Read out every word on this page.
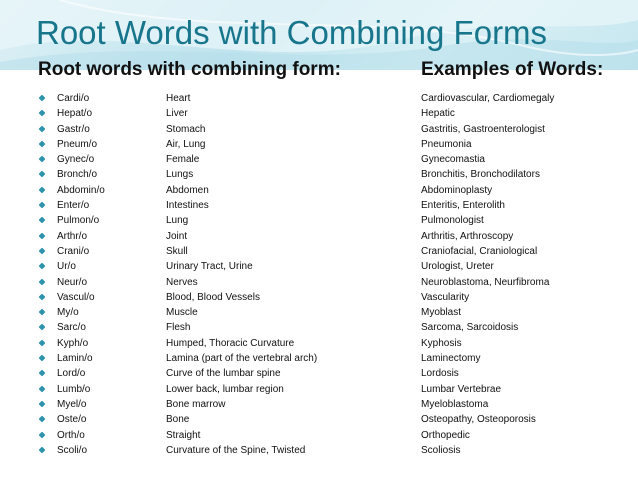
Root Words with Combining Forms
Root words with combining form:	Examples of Words:
Cardi/o	Heart	Cardiovascular, Cardiomegaly
Hepat/o	Liver	Hepatic
Gastr/o	Stomach	Gastritis, Gastroenterologist
Pneum/o	Air, Lung	Pneumonia
Gynec/o	Female	Gynecomastia
Bronch/o	Lungs	Bronchitis, Bronchodilators
Abdomin/o	Abdomen	Abdominoplasty
Enter/o	Intestines	Enteritis, Enterolith
Pulmon/o	Lung	Pulmonologist
Arthr/o	Joint	Arthritis, Arthroscopy
Crani/o	Skull	Craniofacial, Craniological
Ur/o	Urinary Tract, Urine	Urologist, Ureter
Neur/o	Nerves	Neuroblastoma, Neurfibroma
Vascul/o	Blood, Blood Vessels	Vascularity
My/o	Muscle	Myoblast
Sarc/o	Flesh	Sarcoma, Sarcoidosis
Kyph/o	Humped, Thoracic Curvature	Kyphosis
Lamin/o	Lamina (part of the vertebral arch)	Laminectomy
Lord/o	Curve of the lumbar spine	Lordosis
Lumb/o	Lower back, lumbar region	Lumbar Vertebrae
Myel/o	Bone marrow	Myeloblastoma
Oste/o	Bone	Osteopathy, Osteoporosis
Orth/o	Straight	Orthopedic
Scoli/o	Curvature of the Spine, Twisted	Scoliosis
